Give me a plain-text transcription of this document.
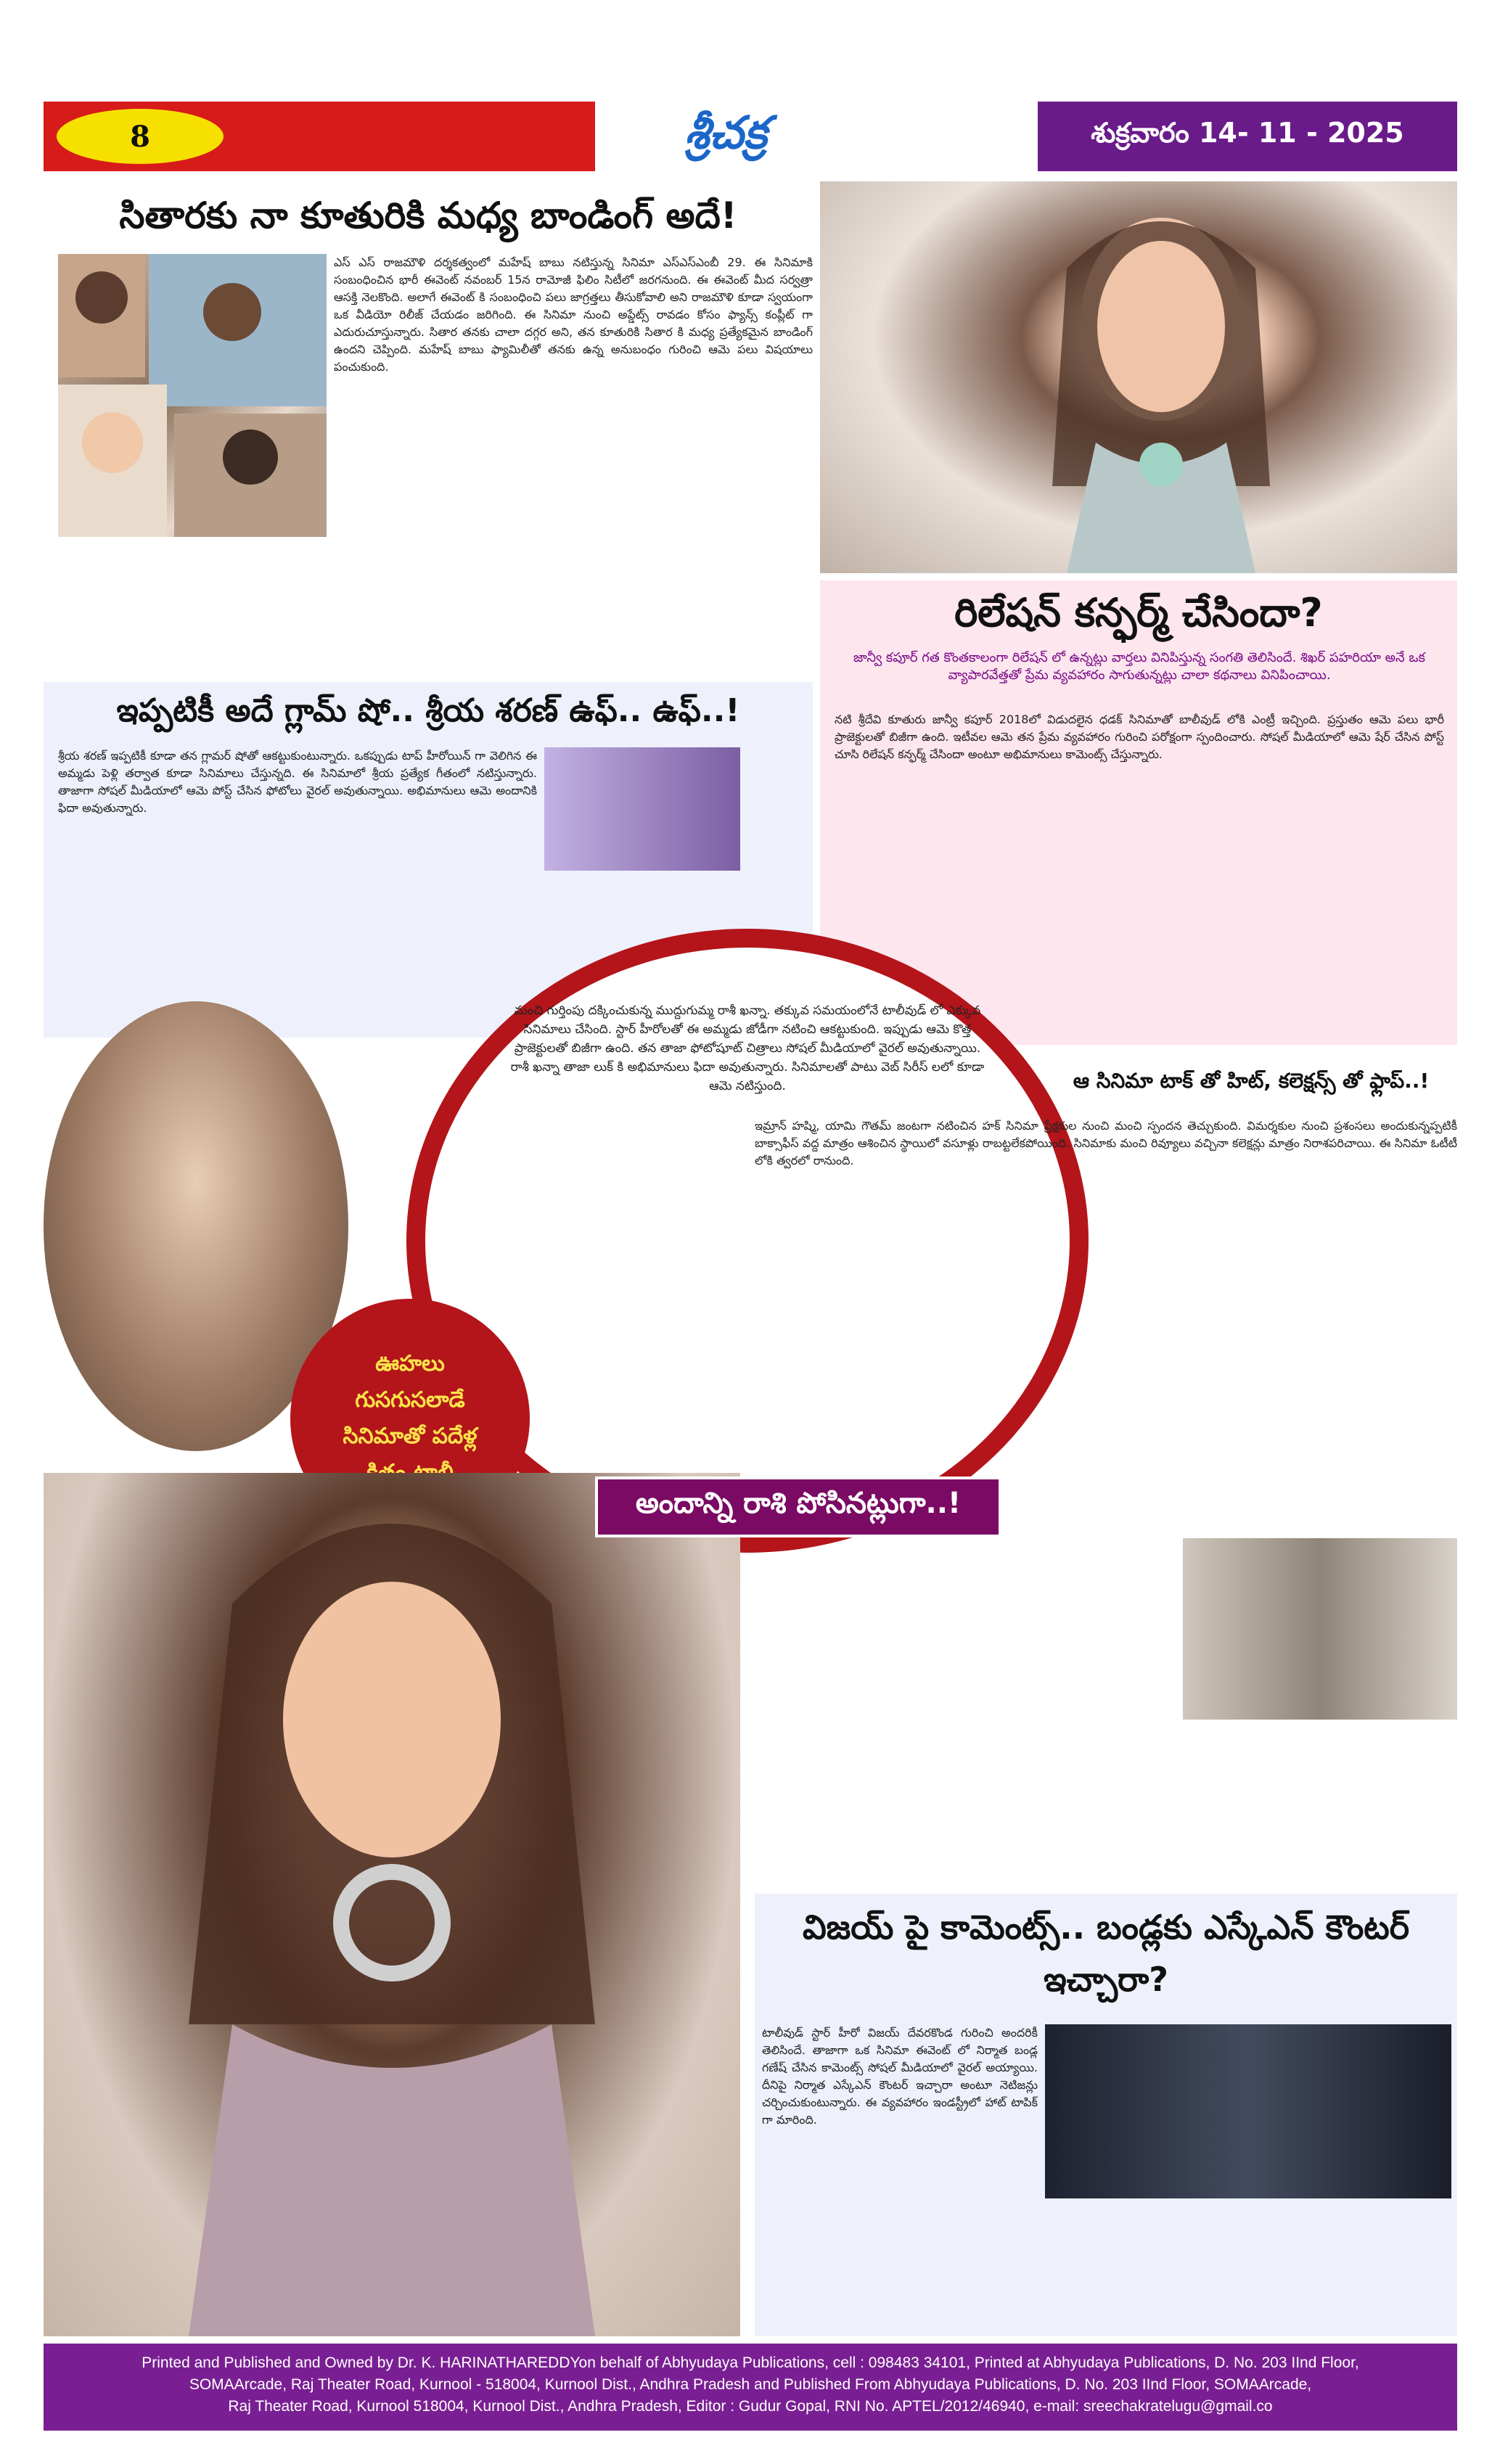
8	శ్రీచక్ర	శుక్రవారం 14- 11 - 2025
సితారకు నా కూతురికి మధ్య బాండింగ్ అదే!
ఎస్ ఎస్ రాజమౌళి దర్శకత్వంలో మహేష్ బాబు నటిస్తున్న సినిమా ఎస్ఎస్ఎంబీ 29. ఈ సినిమాకి సంబంధించిన భారీ ఈవెంట్ నవంబర్ 15న రామోజీ ఫిలిం సిటీలో జరగనుంది. ఈ ఈవెంట్ మీద సర్వత్రా ఆసక్తి నెలకొంది. అలాగే ఈవెంట్ కి సంబంధించి పలు జాగ్రత్తలు తీసుకోవాలి అని రాజమౌళి కూడా స్వయంగా ఒక వీడియో రిలీజ్ చేయడం జరిగింది. ఈ సినిమా నుంచి అప్డేట్స్ రావడం కోసం ఫ్యాన్స్ కంప్లీట్ గా ఎదురుచూస్తున్నారు. సితార తనకు చాలా దగ్గర అని, తన కూతురికి సితార కి మధ్య ప్రత్యేకమైన బాండింగ్ ఉందని చెప్పింది. మహేష్ బాబు ఫ్యామిలీతో తనకు ఉన్న అనుబంధం గురించి ఆమె పలు విషయాలు పంచుకుంది.
ఇప్పటికీ అదే గ్లామ్ షో.. శ్రీయ శరణ్ ఉఫ్.. ఉఫ్..!
శ్రీయ శరణ్ ఇప్పటికీ కూడా తన గ్లామర్ షోతో ఆకట్టుకుంటున్నారు. ఒకప్పుడు టాప్ హీరోయిన్ గా వెలిగిన ఈ అమ్మడు పెళ్లి తర్వాత కూడా సినిమాలు చేస్తున్నది. ఈ సినిమాలో శ్రీయ ప్రత్యేక గీతంలో నటిస్తున్నారు. తాజాగా సోషల్ మీడియాలో ఆమె పోస్ట్ చేసిన ఫోటోలు వైరల్ అవుతున్నాయి. అభిమానులు ఆమె అందానికి ఫిదా అవుతున్నారు.
రిలేషన్ కన్ఫర్మ్ చేసిందా?
జాన్వీ కపూర్ గత కొంతకాలంగా రిలేషన్ లో ఉన్నట్లు వార్తలు వినిపిస్తున్న సంగతి తెలిసిందే. శిఖర్ పహరియా అనే ఒక వ్యాపారవేత్తతో ప్రేమ వ్యవహారం సాగుతున్నట్లు చాలా కథనాలు వినిపించాయి.
నటి శ్రీదేవి కూతురు జాన్వీ కపూర్ 2018లో విడుదలైన ధడక్ సినిమాతో బాలీవుడ్ లోకి ఎంట్రీ ఇచ్చింది. ప్రస్తుతం ఆమె పలు భారీ ప్రాజెక్టులతో బిజీగా ఉంది. ఇటీవల ఆమె తన ప్రేమ వ్యవహారం గురించి పరోక్షంగా స్పందించారు. సోషల్ మీడియాలో ఆమె షేర్ చేసిన పోస్ట్ చూసి రిలేషన్ కన్ఫర్మ్ చేసిందా అంటూ అభిమానులు కామెంట్స్ చేస్తున్నారు.
మంచి గుర్తింపు దక్కించుకున్న ముద్దుగుమ్మ రాశీ ఖన్నా. తక్కువ సమయంలోనే టాలీవుడ్ లో ఎక్కువ సినిమాలు చేసింది. స్టార్ హీరోలతో ఈ అమ్మడు జోడీగా నటించి ఆకట్టుకుంది. ఇప్పుడు ఆమె కొత్త ప్రాజెక్టులతో బిజీగా ఉంది. తన తాజా ఫోటోషూట్ చిత్రాలు సోషల్ మీడియాలో వైరల్ అవుతున్నాయి. రాశీ ఖన్నా తాజా లుక్ కి అభిమానులు ఫిదా అవుతున్నారు. సినిమాలతో పాటు వెబ్ సిరీస్ లలో కూడా ఆమె నటిస్తుంది.
ఊహలు గుసగుసలాడే సినిమాతో పదేళ్ల
అందాన్ని రాశి పోసినట్లుగా..!
ఆ సినిమా టాక్ తో హిట్, కలెక్షన్స్ తో ఫ్లాప్..!
ఇమ్రాన్ హష్మి, యామి గౌతమ్ జంటగా నటించిన హక్ సినిమా ప్రేక్షకుల నుంచి మంచి స్పందన తెచ్చుకుంది. విమర్శకుల నుంచి ప్రశంసలు అందుకున్నప్పటికీ బాక్సాఫీస్ వద్ద మాత్రం ఆశించిన స్థాయిలో వసూళ్లు రాబట్టలేకపోయింది. సినిమాకు మంచి రివ్యూలు వచ్చినా కలెక్షన్లు మాత్రం నిరాశపరిచాయి. ఈ సినిమా ఓటీటీ లోకి త్వరలో రానుంది.
విజయ్ పై కామెంట్స్.. బండ్లకు ఎస్కేఎన్ కౌంటర్ ఇచ్చారా?
టాలీవుడ్ స్టార్ హీరో విజయ్ దేవరకొండ గురించి అందరికీ తెలిసిందే. తాజాగా ఒక సినిమా ఈవెంట్ లో నిర్మాత బండ్ల గణేష్ చేసిన కామెంట్స్ సోషల్ మీడియాలో వైరల్ అయ్యాయి. దీనిపై నిర్మాత ఎస్కేఎన్ కౌంటర్ ఇచ్చారా అంటూ నెటిజన్లు చర్చించుకుంటున్నారు. ఈ వ్యవహారం ఇండస్ట్రీలో హాట్ టాపిక్ గా మారింది.
Printed and Published and Owned by Dr. K. HARINATHAREDDYon behalf of Abhyudaya Publications, cell : 098483 34101, Printed at Abhyudaya Publications, D. No. 203 IInd Floor,
SOMAArcade, Raj Theater Road, Kurnool - 518004, Kurnool Dist., Andhra Pradesh and Published From Abhyudaya Publications, D. No. 203 IInd Floor, SOMAArcade,
Raj Theater Road, Kurnool 518004, Kurnool Dist., Andhra Pradesh, Editor : Gudur Gopal, RNI No. APTEL/2012/46940, e-mail: sreechakratelugu@gmail.co
